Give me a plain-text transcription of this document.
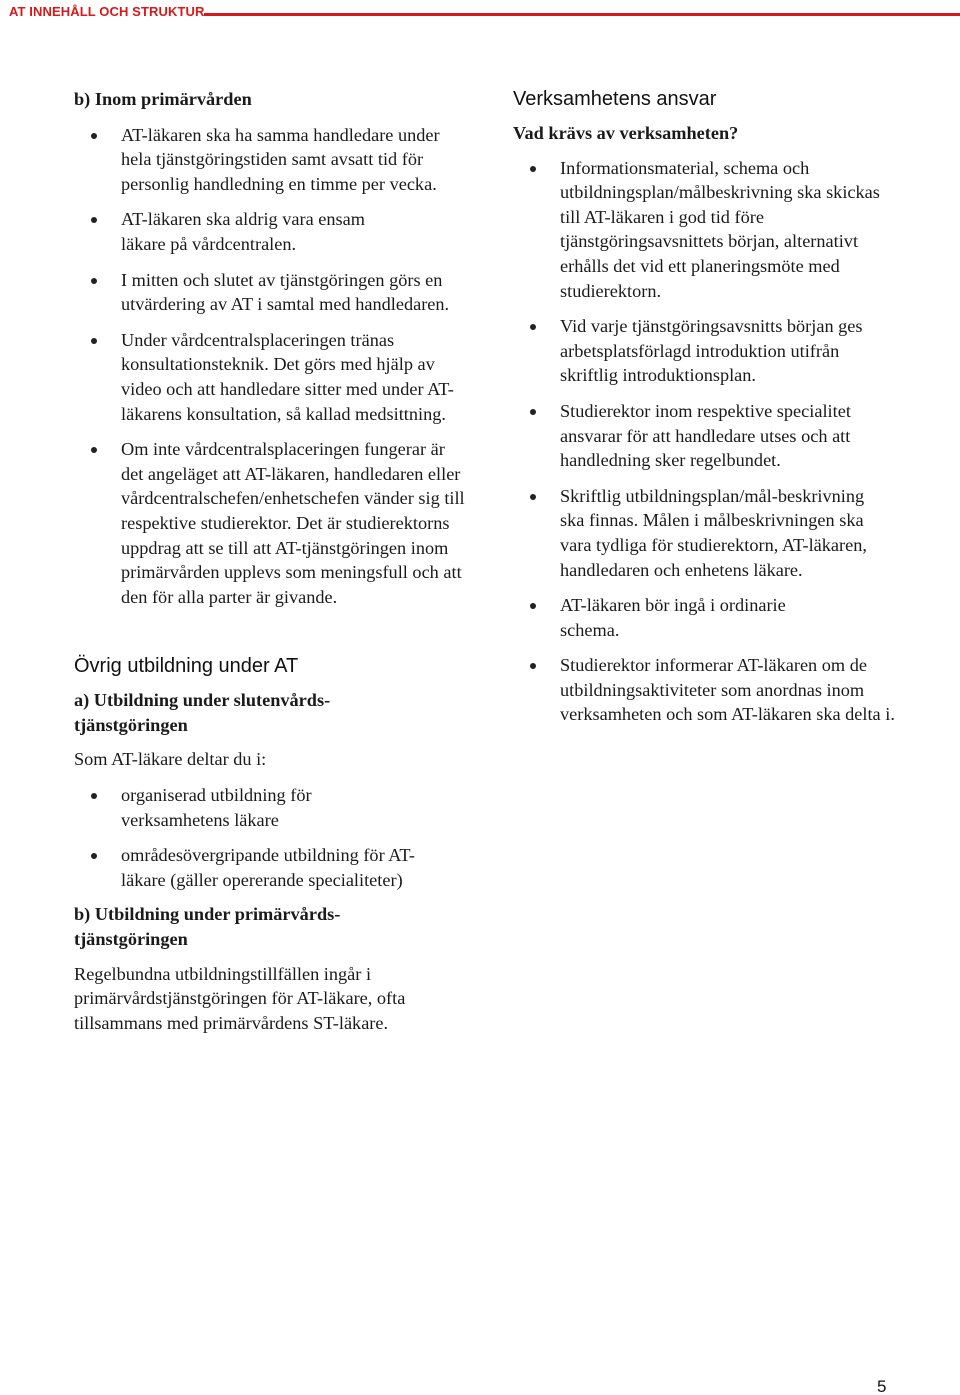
AT INNEHÅLL OCH STRUKTUR
b) Inom primärvården
AT-läkaren ska ha samma handledare under hela tjänstgöringstiden samt avsatt tid för personlig handledning en timme per vecka.
AT-läkaren ska aldrig vara ensam läkare på vårdcentralen.
I mitten och slutet av tjänstgöringen görs en utvärdering av AT i samtal med handledaren.
Under vårdcentralsplaceringen tränas konsultationsteknik. Det görs med hjälp av video och att handledare sitter med under AT-läkarens konsultation, så kallad medsittning.
Om inte vårdcentralsplaceringen fungerar är det angeläget att AT-läkaren, handledaren eller vårdcentralschefen/enhetschefen vänder sig till respektive studierektor. Det är studierektorns uppdrag att se till att AT-tjänstgöringen inom primärvården upplevs som meningsfull och att den för alla parter är givande.
Övrig utbildning under AT
a) Utbildning under slutenvårds-tjänstgöringen
Som AT-läkare deltar du i:
organiserad utbildning för verksamhetens läkare
områdesövergripande utbildning för AT-läkare (gäller opererande specialiteter)
b) Utbildning under primärvårds-tjänstgöringen
Regelbundna utbildningstillfällen ingår i primärvårdstjänstgöringen för AT-läkare, ofta tillsammans med primärvårdens ST-läkare.
Verksamhetens ansvar
Vad krävs av verksamheten?
Informationsmaterial, schema och utbildningsplan/målbeskrivning ska skickas till AT-läkaren i god tid före tjänstgöringsavsnittets början, alternativt erhålls det vid ett planeringsmöte med studierektorn.
Vid varje tjänstgöringsavsnitts början ges arbetsplatsförlagd introduktion utifrån skriftlig introduktionsplan.
Studierektor inom respektive specialitet ansvarar för att handledare utses och att handledning sker regelbundet.
Skriftlig utbildningsplan/mål-beskrivning ska finnas. Målen i målbeskrivningen ska vara tydliga för studierektorn, AT-läkaren, handledaren och enhetens läkare.
AT-läkaren bör ingå i ordinarie schema.
Studierektor informerar AT-läkaren om de utbildningsaktiviteter som anordnas inom verksamheten och som AT-läkaren ska delta i.
5
